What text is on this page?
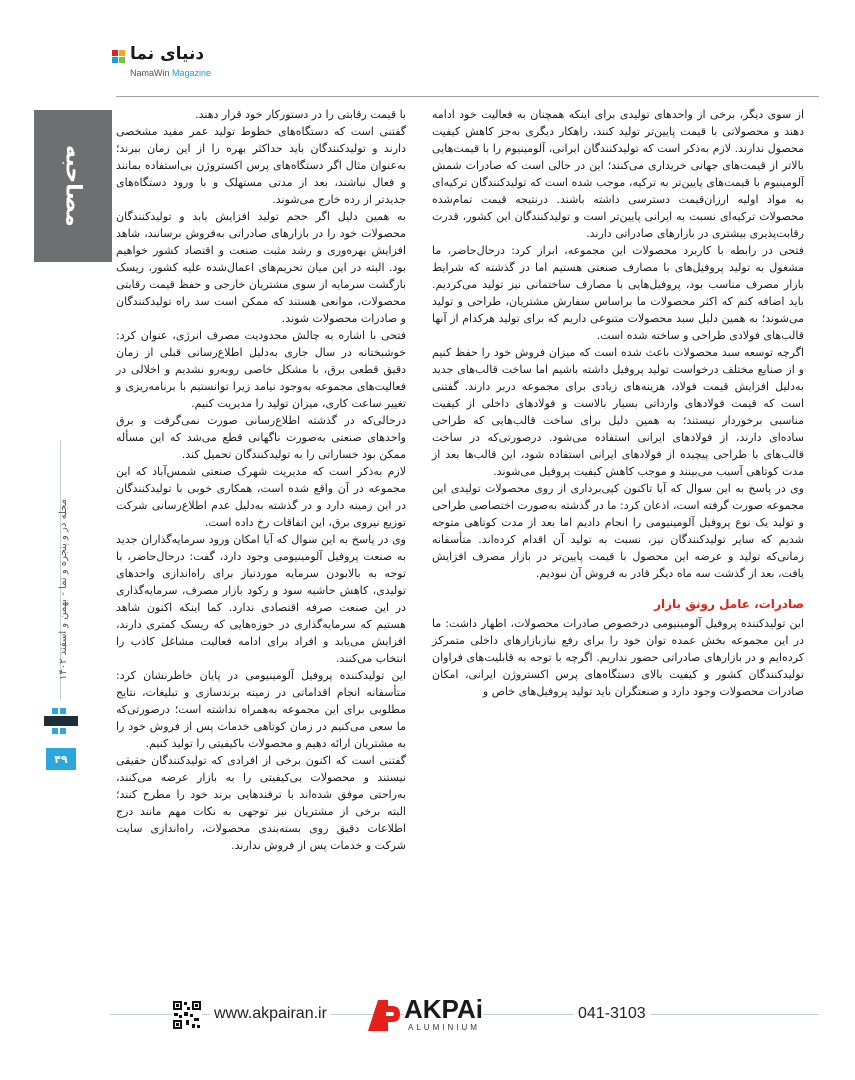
دنیای نما
NamaWin Magazine
مصاحبه
مجله در و پنجره و نما - بهمن و اسفند ۱۴۰۲
۴۹

از سوی دیگر، برخی از واحدهای تولیدی برای اینکه همچنان به فعالیت خود ادامه دهند و محصولاتی با قیمت پایین‌تر تولید کنند، راهکار دیگری به‌جز کاهش کیفیت محصول ندارند. لازم به‌ذکر است که تولیدکنندگان ایرانی، آلومینیوم را با قیمت‌هایی بالاتر از قیمت‌های جهانی خریداری می‌کنند؛ این در حالی است که صادرات شمش آلومینیوم با قیمت‌های پایین‌تر به ترکیه، موجب شده است که تولیدکنندگان ترکیه‌ای به مواد اولیه ارزان‌قیمت دسترسی داشته باشند. درنتیجه قیمت تمام‌شده محصولات ترکیه‌ای نسبت به ایرانی پایین‌تر است و تولیدکنندگان این کشور، قدرت رقابت‌پذیری بیشتری در بازارهای صادراتی دارند.

فتحی در رابطه با کاربرد محصولات این مجموعه، ابراز کرد: درحال‌حاضر، ما مشغول به تولید پروفیل‌های با مصارف صنعتی هستیم اما در گذشته که شرایط بازار مصرف مناسب بود، پروفیل‌هایی با مصارف ساختمانی نیز تولید می‌کردیم. باید اضافه کنم که اکثر محصولات ما براساس سفارش مشتریان، طراحی و تولید می‌شوند؛ به همین دلیل سبد محصولات متنوعی داریم که برای تولید هرکدام از آنها قالب‌های فولادی طراحی و ساخته شده است.

اگرچه توسعه سبد محصولات باعث شده است که میزان فروش خود را حفظ کنیم و از صنایع مختلف درخواست تولید پروفیل داشته باشیم اما ساخت قالب‌های جدید به‌دلیل افزایش قیمت فولاد، هزینه‌های زیادی برای مجموعه دربر دارند. گفتنی است که قیمت فولادهای وارداتی بسیار بالاست و فولادهای داخلی از کیفیت مناسبی برخوردار نیستند؛ به همین دلیل برای ساخت قالب‌هایی که طراحی ساده‌ای دارند، از فولادهای ایرانی استفاده می‌شود. درصورتی‌که در ساخت قالب‌های با طراحی پیچیده از فولادهای ایرانی استفاده شود، این قالب‌ها بعد از مدت کوتاهی آسیب می‌بینند و موجب کاهش کیفیت پروفیل می‌شوند.

وی در پاسخ به این سوال که آیا تاکنون کپی‌برداری از روی محصولات تولیدی این مجموعه صورت گرفته است، اذعان کرد: ما در گذشته به‌صورت اختصاصی طراحی و تولید یک نوع پروفیل آلومینیومی را انجام دادیم اما بعد از مدت کوتاهی متوجه شدیم که سایر تولیدکنندگان نیز، نسبت به تولید آن اقدام کرده‌اند. متأسفانه زمانی‌که تولید و عرضه این محصول با قیمت پایین‌تر در بازار مصرف افزایش یافت، بعد از گذشت سه ماه دیگر قادر به فروش آن نبودیم.

صادرات، عامل رونق بازار

این تولیدکننده پروفیل آلومینیومی درخصوص صادرات محصولات، اظهار داشت: ما در این مجموعه بخش عمده توان خود را برای رفع نیازبازارهای داخلی متمرکز کرده‌ایم و در بازارهای صادراتی حضور نداریم. اگرچه با توجه به قابلیت‌های فراوان تولیدکنندگان کشور و کیفیت بالای دستگاه‌های پرس اکستروژن ایرانی، امکان صادرات محصولات وجود دارد و صنعتگران باید تولید پروفیل‌های خاص و

با قیمت رقابتی را در دستورکار خود قرار دهند.

گفتنی است که دستگاه‌های خطوط تولید عمر مفید مشخصی دارند و تولیدکنندگان باید حداکثر بهره را از این زمان ببرند؛ به‌عنوان مثال اگر دستگاه‌های پرس اکستروژن بی‌استفاده بمانند و فعال نباشند، بعد از مدتی مستهلک و با ورود دستگاه‌های جدیدتر از رده خارج می‌شوند.

به همین دلیل اگر حجم تولید افزایش یابد و تولیدکنندگان محصولات خود را در بازارهای صادراتی به‌فروش برسانند، شاهد افزایش بهره‌وری و رشد مثبت صنعت و اقتصاد کشور خواهیم بود. البته در این میان تحریم‌های اعمال‌شده علیه کشور، ریسک بازگشت سرمایه از سوی مشتریان خارجی و حفظ قیمت رقابتی محصولات، موانعی هستند که ممکن است سد راه تولیدکنندگان و صادرات محصولات شوند.

فتحی با اشاره به چالش محدودیت مصرف انرژی، عنوان کرد: خوشبختانه در سال جاری به‌دلیل اطلاع‌رسانی قبلی از زمان دقیق قطعی برق، با مشکل خاصی روبه‌رو نشدیم و اخلالی در فعالیت‌های مجموعه به‌وجود نیامد زیرا توانستیم با برنامه‌ریزی و تغییر ساعت کاری، میزان تولید را مدیریت کنیم.

درحالی‌که در گذشته اطلاع‌رسانی صورت نمی‌گرفت و برق واحدهای صنعتی به‌صورت ناگهانی قطع می‌شد که این مسأله ممکن بود خساراتی را به تولیدکنندگان تحمیل کند.

لازم به‌ذکر است که مدیریت شهرک صنعتی شمس‌آباد که این مجموعه در آن واقع شده است، همکاری خوبی با تولیدکنندگان در این زمینه دارد و در گذشته به‌دلیل عدم اطلاع‌رسانی شرکت توزیع نیروی برق، این اتفاقات رخ داده است.

وی در پاسخ به این سوال که آیا امکان ورود سرمایه‌گذاران جدید به صنعت پروفیل آلومینیومی وجود دارد، گفت: درحال‌حاضر، با توجه به بالابودن سرمایه موردنیاز برای راه‌اندازی واحدهای تولیدی، کاهش حاشیه سود و رکود بازار مصرف، سرمایه‌گذاری در این صنعت صرفه اقتصادی ندارد. کما اینکه اکنون شاهد هستیم که سرمایه‌گذاری در حوزه‌هایی که ریسک کمتری دارند، افزایش می‌یابد و افراد برای ادامه فعالیت مشاغل کاذب را انتخاب می‌کنند.

این تولیدکننده پروفیل آلومینیومی در پایان خاطرنشان کرد: متأسفانه انجام اقداماتی در زمینه برندسازی و تبلیغات، نتایج مطلوبی برای این مجموعه به‌همراه نداشته است؛ درصورتی‌که ما سعی می‌کنیم در زمان کوتاهی خدمات پس از فروش خود را به مشتریان ارائه دهیم و محصولات باکیفیتی را تولید کنیم.

گفتنی است که اکنون برخی از افرادی که تولیدکنندگان حقیقی نیستند و محصولات بی‌کیفیتی را به بازار عرضه می‌کنند، به‌راحتی موفق شده‌اند با ترفندهایی برند خود را مطرح کنند؛ البته برخی از مشتریان نیز توجهی به نکات مهم مانند درج اطلاعات دقیق روی بسته‌بندی محصولات، راه‌اندازی سایت شرکت و خدمات پس از فروش ندارند.

www.akpairan.ir	AKPAi
ALUMINIUM
041-3103
